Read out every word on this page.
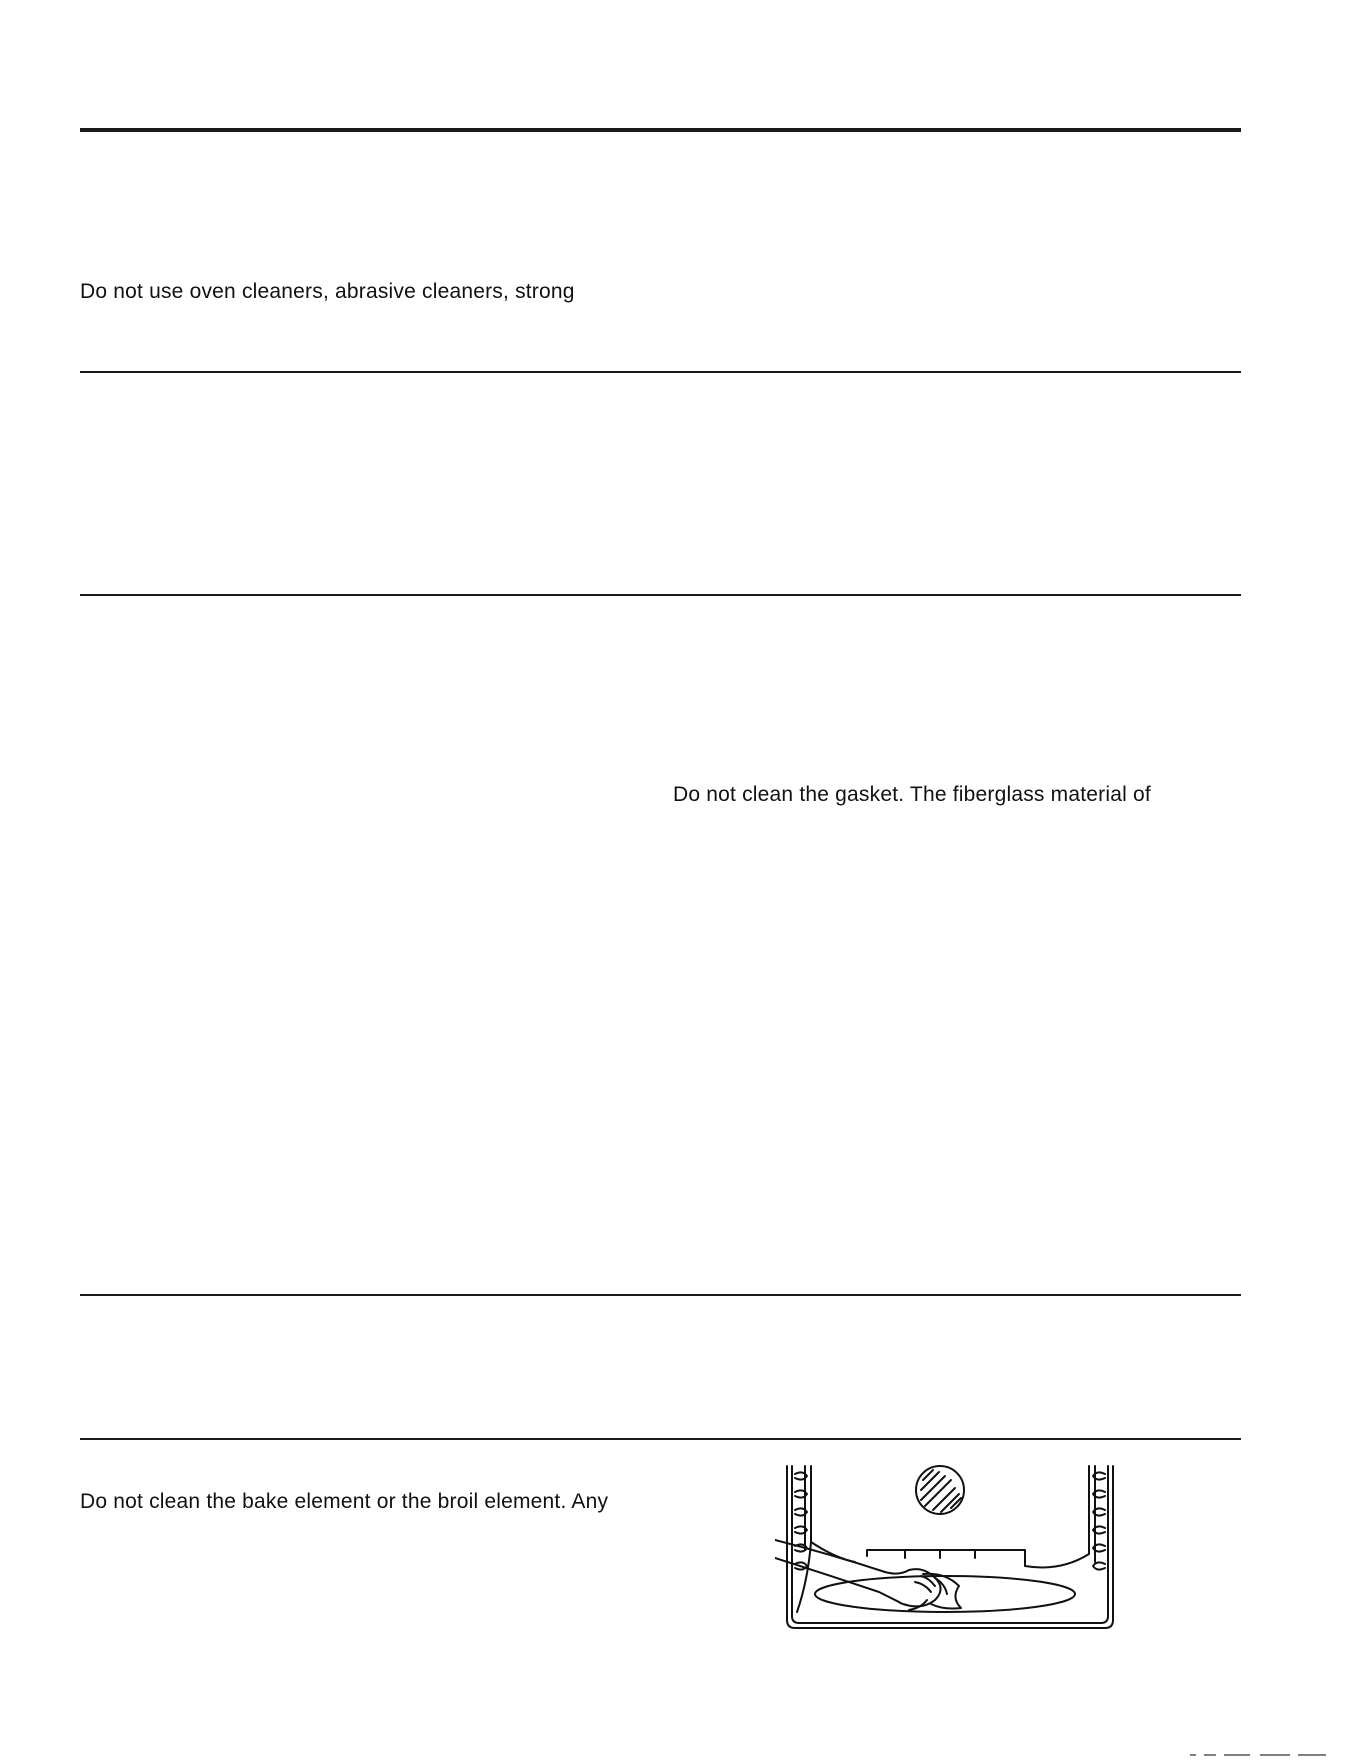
Do not use oven cleaners, abrasive cleaners, strong
Do not clean the gasket. The fiberglass material of
Do not clean the bake element or the broil element. Any
